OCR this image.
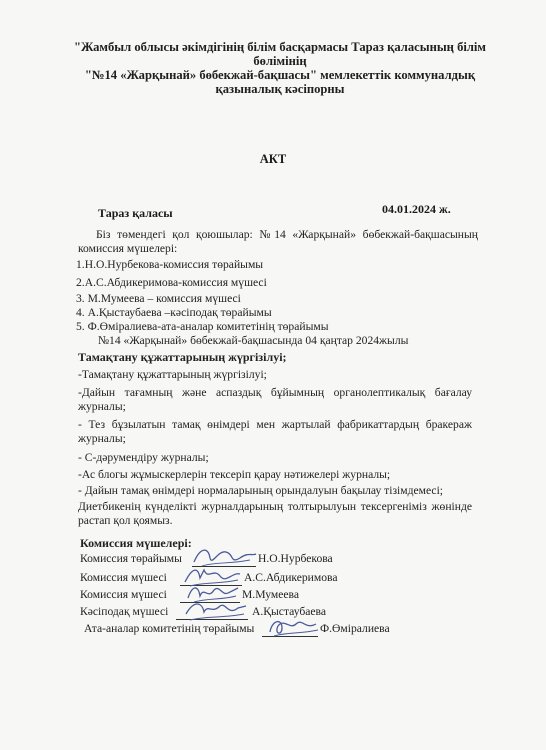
"Жамбыл облысы әкімдігінің білім басқармасы Тараз қаласының білім бөлімінің
"№14 «Жарқынай» бөбекжай-бақшасы" мемлекеттік коммуналдық қазыналық кәсіпорны
АКТ
Тараз қаласы	04.01.2024 ж.
Біз төмендегі қол қоюшылар: №14 «Жарқынай» бөбекжай-бақшасының комиссия мүшелері:
1.Н.О.Нурбекова-комиссия төрайымы
2.А.С.Абдикеримова-комиссия мүшесі
3. М.Мумеева – комиссия мүшесі
4. А.Қыстаубаева –кәсіподақ төрайымы
5. Ф.Өміралиева-ата-аналар комитетінің төрайымы
№14 «Жарқынай» бөбекжай-бақшасында 04 қаңтар 2024жылы
Тамақтану құжаттарының жүргізілуі;
-Тамақтану құжаттарының жүргізілуі;
-Дайын тағамның және аспаздық бұйымның органолептикалық бағалау журналы;
- Тез бұзылатын тамақ өнімдері мен жартылай фабрикаттардың бракераж журналы;
- С-дәрумендіру журналы;
-Ас блогы жұмыскерлерін тексеріп қарау нәтижелері журналы;
- Дайын тамақ өнімдері нормаларының орындалуын бақылау тізімдемесі;
Диетбикенің күнделікті журналдарының толтырылуын тексергеніміз жөнінде растап қол қоямыз.
Комиссия мүшелері:
Комиссия төрайымы	Н.О.Нурбекова
Комиссия мүшесі	А.С.Абдикеримова
Комиссия мүшесі	М.Мумеева
Кәсіподақ мүшесі	А.Қыстаубаева
Ата-аналар комитетінің төрайымы	Ф.Өміралиева
